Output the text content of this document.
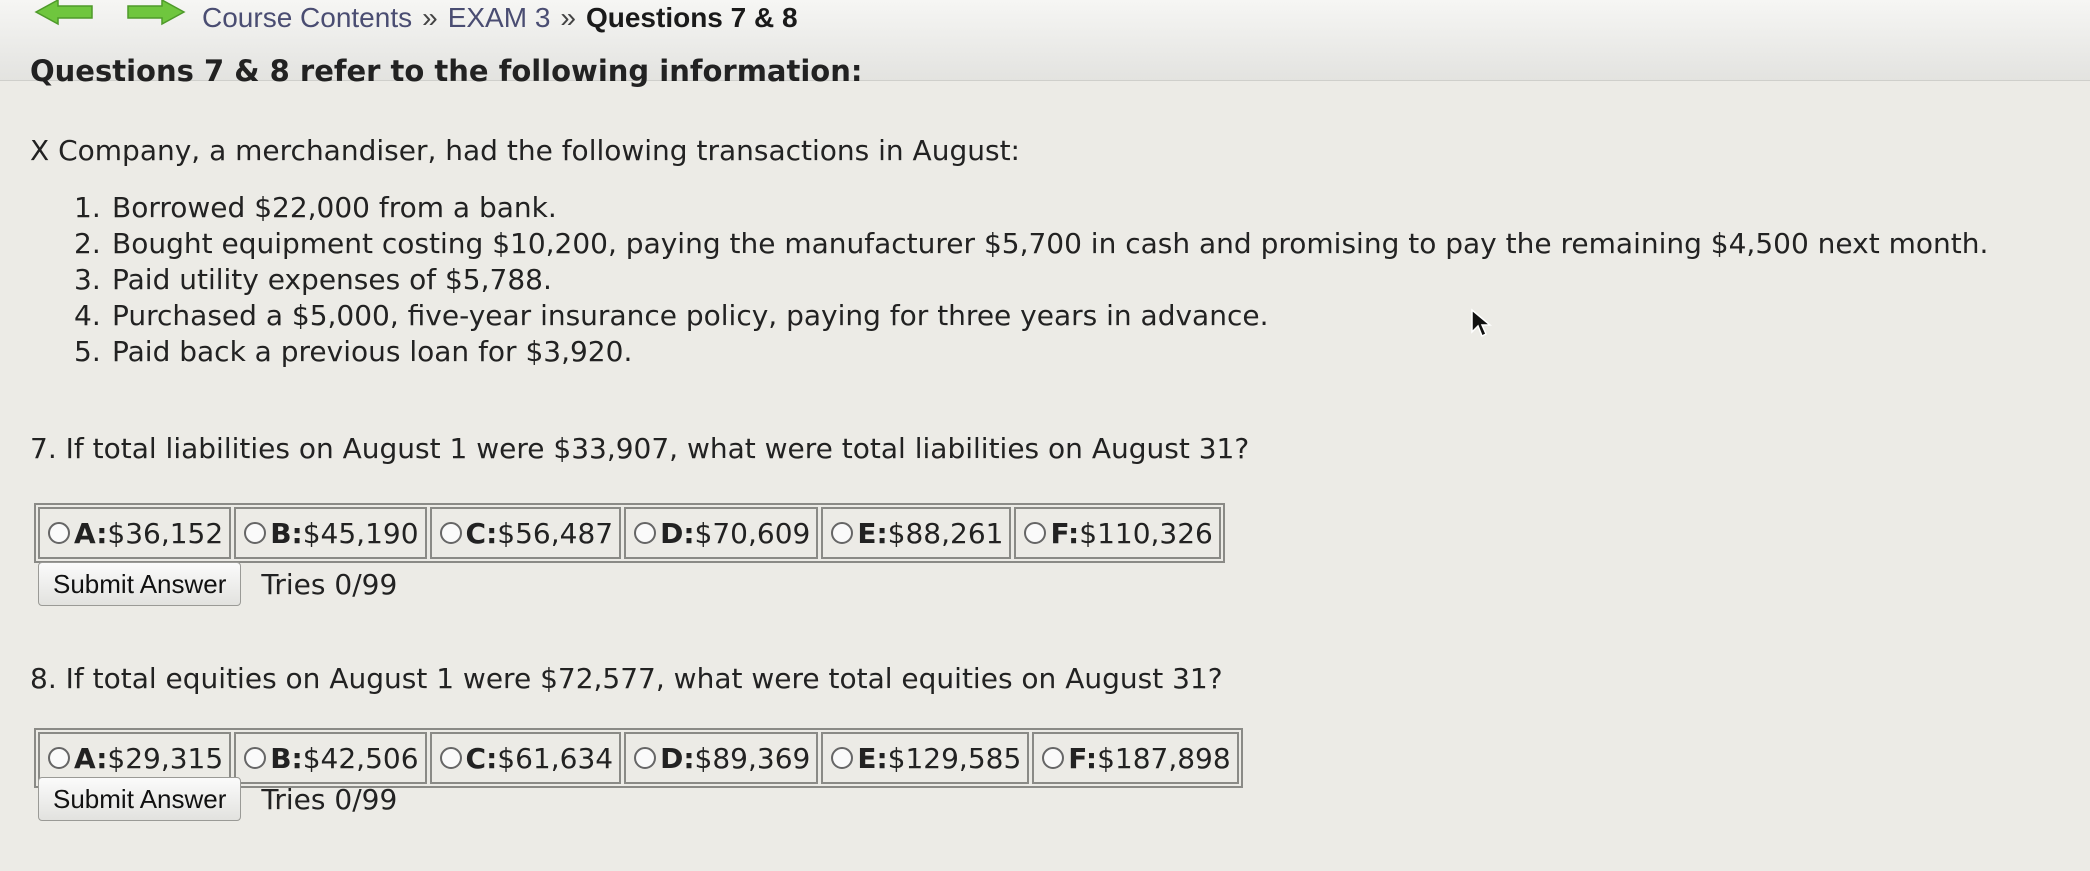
Course Contents » EXAM 3 » Questions 7 & 8
Questions 7 & 8 refer to the following information:
X Company, a merchandiser, had the following transactions in August:
1. Borrowed $22,000 from a bank.
2. Bought equipment costing $10,200, paying the manufacturer $5,700 in cash and promising to pay the remaining $4,500 next month.
3. Paid utility expenses of $5,788.
4. Purchased a $5,000, five-year insurance policy, paying for three years in advance.
5. Paid back a previous loan for $3,920.
7. If total liabilities on August 1 were $33,907, what were total liabilities on August 31?
A: $36,152 B: $45,190 C: $56,487 D: $70,609 E: $88,261 F: $110,326
Submit Answer	Tries 0/99
8. If total equities on August 1 were $72,577, what were total equities on August 31?
A: $29,315 B: $42,506 C: $61,634 D: $89,369 E: $129,585 F: $187,898
Submit Answer	Tries 0/99
